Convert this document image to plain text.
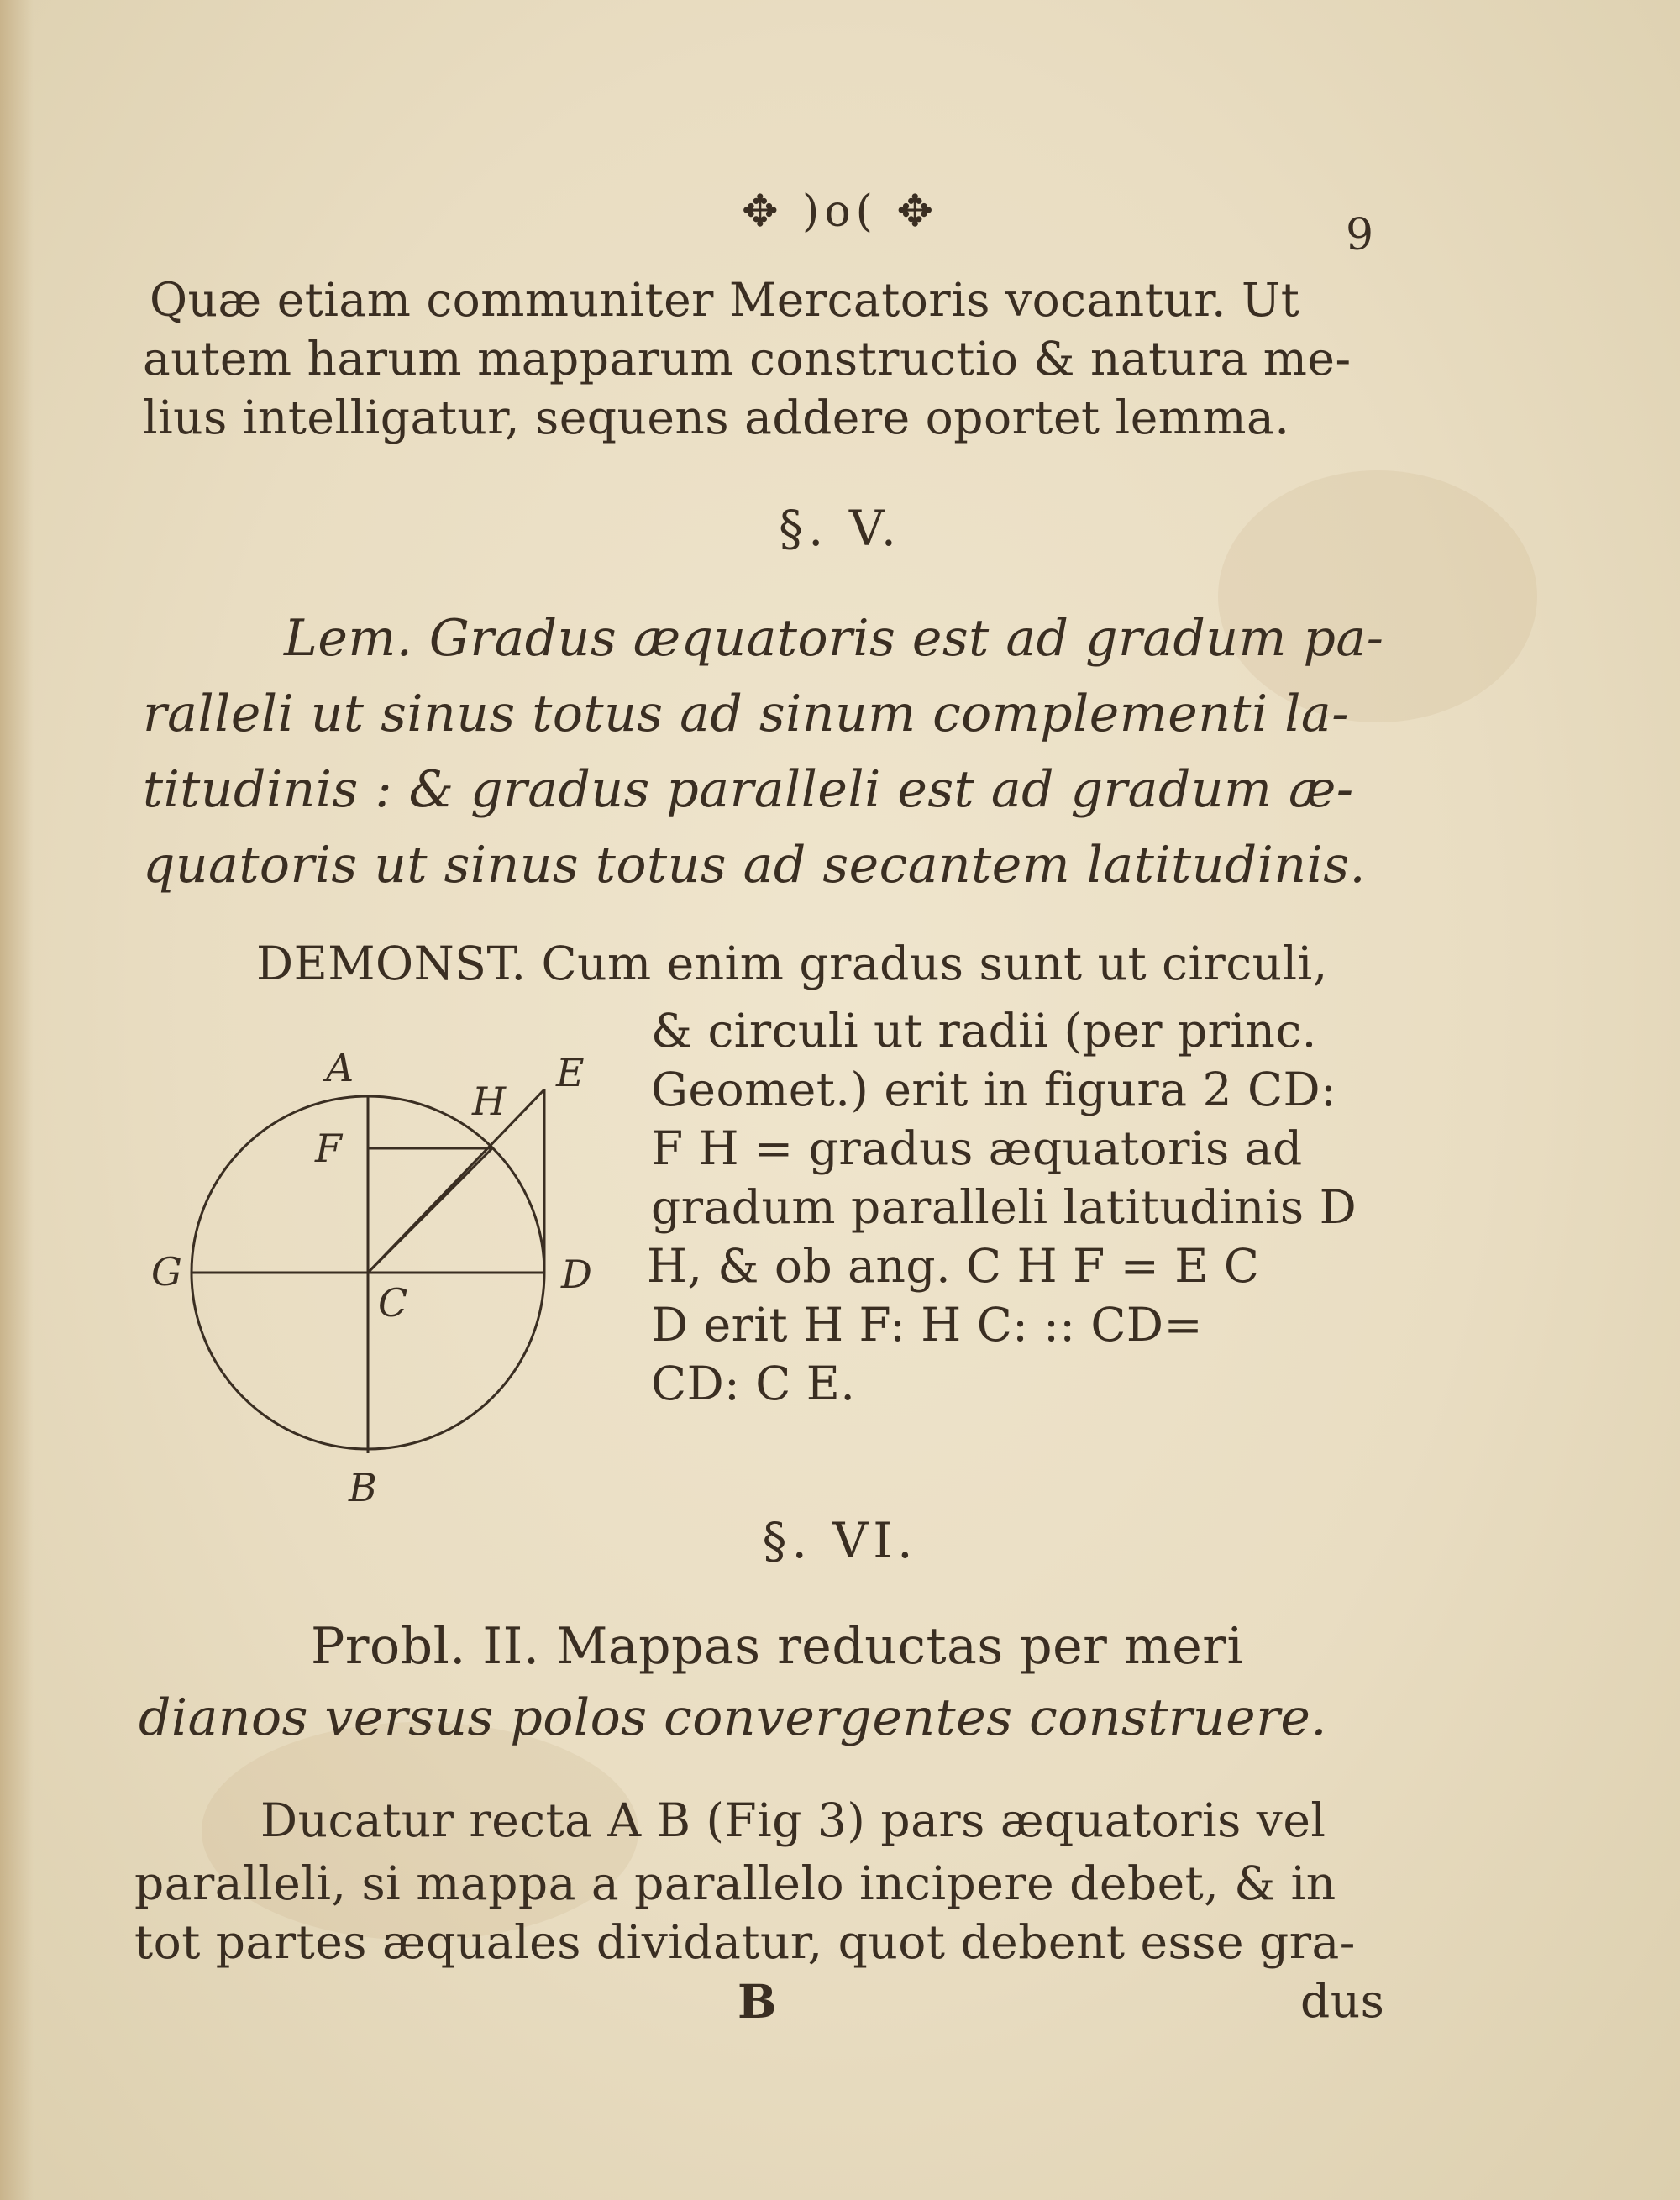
✥ )o( ✥	9
Quæ etiam communiter Mercatoris vocantur. Ut
autem harum mapparum constructio & natura me-
lius intelligatur, sequens addere oportet lemma.
§. V.
Lem. Gradus æquatoris est ad gradum pa-
ralleli ut sinus totus ad sinum complementi la-
titudinis : & gradus paralleli est ad gradum æ-
quatoris ut sinus totus ad secantem latitudinis.
DEMONST. Cum enim gradus sunt ut circuli,
& circuli ut radii (per princ.
Geomet.) erit in figura 2 CD:
F H = gradus æquatoris ad
gradum paralleli latitudinis D
H, & ob ang. C H F = E C
D erit H F: H C: :: CD=
CD: C E.
A	E
H
F
G	D
C
B
§. VI.
Probl. II. Mappas reductas per meri
dianos versus polos convergentes construere.
Ducatur recta A B (Fig 3) pars æquatoris vel
paralleli, si mappa a parallelo incipere debet, & in
tot partes æquales dividatur, quot debent esse gra-
B	dus
